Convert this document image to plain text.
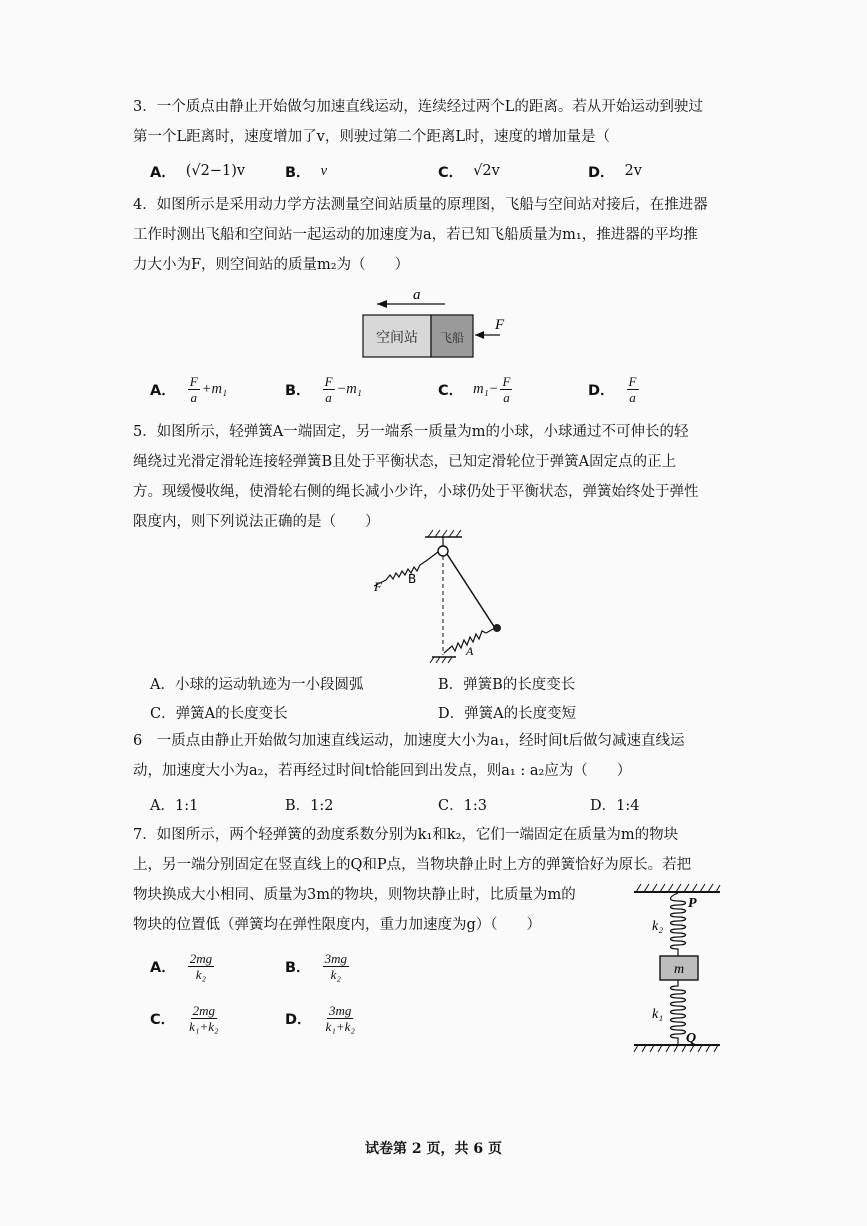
3．一个质点由静止开始做匀加速直线运动，连续经过两个L的距离。若从开始运动到驶过

第一个L距离时，速度增加了v，则驶过第二个距离L时，速度的增加量是（

A． (√2−1)v	B． v	C． √2v	D． 2v

4．如图所示是采用动力学方法测量空间站质量的原理图，飞船与空间站对接后，在推进器

工作时测出飞船和空间站一起运动的加速度为a，若已知飞船质量为m₁，推进器的平均推

力大小为F，则空间站的质量m₂为（　　）

a
空间站 飞船
F
A． $\frac{F}{a} +m_1$	B． $\frac{F}{a} -m_1$	C． $m_1- \frac{F}{a}$	D． $\frac{F}{a}$

5．如图所示，轻弹簧A一端固定，另一端系一质量为m的小球，小球通过不可伸长的轻

绳绕过光滑定滑轮连接轻弹簧B且处于平衡状态，已知定滑轮位于弹簧A固定点的正上

方。现缓慢收绳，使滑轮右侧的绳长减小少许，小球仍处于平衡状态，弹簧始终处于弹性

限度内，则下列说法正确的是（　　）

B
F
A
A．小球的运动轨迹为一小段圆弧	B．弹簧B的长度变长
C．弹簧A的长度变长	D．弹簧A的长度变短

6　一质点由静止开始做匀加速直线运动，加速度大小为a₁，经时间t后做匀减速直线运

动，加速度大小为a₂，若再经过时间t恰能回到出发点，则a₁ : a₂应为（　　）

A．1:1	B．1:2	C．1:3	D．1:4

7．如图所示，两个轻弹簧的劲度系数分别为k₁和k₂，它们一端固定在质量为m的物块

上，另一端分别固定在竖直线上的Q和P点，当物块静止时上方的弹簧恰好为原长。若把

物块换成大小相同、质量为3m的物块，则物块静止时，比质量为m的

物块的位置低（弹簧均在弹性限度内，重力加速度为g）（　　）

A． $\frac{2mg}{\text{k₂}}$	B． $\frac{3mg}{\text{k₂}}$
C． $\frac{2mg}{\text{k₁+k₂}}$	D． $\frac{3mg}{\text{k₁+k₂}}$
P
k₂
m
k₁
Q
试卷第 2 页，共 6 页
